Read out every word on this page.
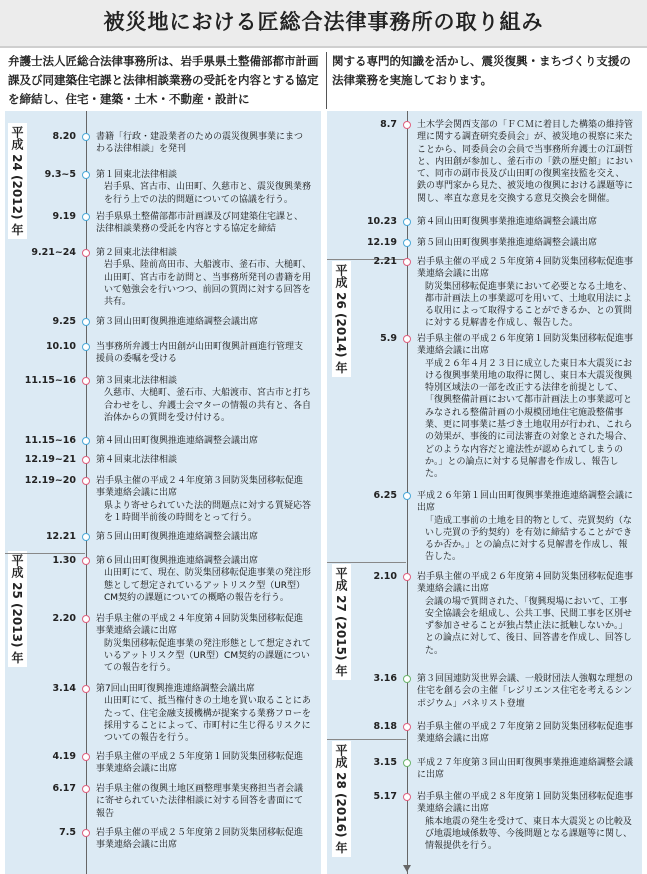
被災地における匠総合法律事務所の取り組み
弁護士法人匠総合法律事務所は、岩手県県土整備部都市計画課及び同建築住宅課と法律相談業務の受託を内容とする協定を締結し、住宅・建築・土木・不動産・設計に
関する専門的知識を活かし、震災復興・まちづくり支援の法律業務を実施しております。
平成 24 (2012) 年
平成 25 (2013) 年
8.20 書籍「行政・建設業者のための震災復興事業にまつわる法律相談」を発刊
9.3~5 第１回東北法律相談
岩手県、宮古市、山田町、久慈市と、震災復興業務を行う上での法的問題についての協議を行う。
9.19 岩手県県土整備部都市計画課及び同建築住宅課と、法律相談業務の受託を内容とする協定を締結
9.21~24 第２回東北法律相談
岩手県、陸前高田市、大船渡市、釜石市、大槌町、山田町、宮古市を訪問と、当事務所発刊の書籍を用いて勉強会を行いつつ、前回の質問に対する回答を共有。
9.25 第３回山田町復興推進連絡調整会議出席
10.10 当事務所弁護士内田創が山田町復興計画進行管理支援員の委嘱を受ける
11.15~16 第３回東北法律相談
久慈市、大槌町、釜石市、大船渡市、宮古市と打ち合わせをし、弁護士会マターの情報の共有と、各自治体からの質問を受け付ける。
11.15~16 第４回山田町復興推進連絡調整会議出席
12.19~21 第４回東北法律相談
12.19~20 岩手県主催の平成２４年度第３回防災集団移転促進事業連絡会議に出席
県より寄せられていた法的問題点に対する質疑応答を１時間半前後の時間をとって行う。
12.21 第５回山田町復興推進連絡調整会議出席
1.30 第６回山田町復興推進連絡調整会議出席
山田町にて、現在、防災集団移転促進事業の発注形態として想定されているアットリスク型（UR型）CM契約の課題についての概略の報告を行う。
2.20 岩手県主催の平成２４年度第４回防災集団移転促進事業連絡会議に出席
防災集団移転促進事業の発注形態として想定されているアットリスク型（UR型）CM契約の課題についての報告を行う。
3.14 第7回山田町復興推進連絡調整会議出席
山田町にて、抵当権付きの土地を買い取ることにあたって、住宅金融支援機構が提案する業務フローを採用することによって、市町村に生じ得るリスクについての報告を行う。
4.19 岩手県主催の平成２５年度第１回防災集団移転促進事業連絡会議に出席
6.17 岩手県主催の復興土地区画整理事業実務担当者会議に寄せられていた法律相談に対する回答を書面にて報告
7.5 岩手県主催の平成２５年度第２回防災集団移転促進事業連絡会議に出席
平成 26 (2014) 年
平成 27 (2015) 年
平成 28 (2016) 年
8.7 土木学会関西支部の「ＦＣＭに着目した構築の維持管理に関する調査研究委員会」が、被災地の視察に来たことから、同委員会の会員で当事務所弁護士の江副哲と、内田創が参加し、釜石市の「鉄の歴史館」において、同市の副市長及び山田町の復興室技監を交え、鉄の専門家から見た、被災地の復興における課題等に関し、率直な意見を交換する意見交換会を開催。
10.23 第４回山田町復興事業推進連絡調整会議出席
12.19 第５回山田町復興事業推進連絡調整会議出席
2.21 岩手県主催の平成２５年度第４回防災集団移転促進事業連絡会議に出席
防災集団移転促進事業において必要となる土地を、都市計画法上の事業認可を用いて、土地収用法による収用によって取得することができるか、との質問に対する見解書を作成し、報告した。
5.9 岩手県主催の平成２６年度第１回防災集団移転促進事業連絡会議に出席
平成２６年４月２３日に成立した東日本大震災における復興事業用地の取得に関し、東日本大震災復興特別区域法の一部を改正する法律を前提として、「復興整備計画において都市計画法上の事業認可とみなされる整備計画の小規模団地住宅施設整備事業、更に同事業に基づき土地収用が行われ、これらの効果が、事後的に司法審査の対象とされた場合、どのような内容だと違法性が認められてしまうのか。」との論点に対する見解書を作成し、報告した。
6.25 平成２６年第１回山田町復興事業推進連絡調整会議に出席
「造成工事前の土地を目的物として、売買契約（ないし売買の予約契約）を有効に締結することができるか否か。」との論点に対する見解書を作成し、報告した。
2.10 岩手県主催の平成２６年度第４回防災集団移転促進事業連絡会議に出席
会議の場で質問された、「復興現場において、工事安全協議会を組成し、公共工事、民間工事を区別せず参加させることが独占禁止法に抵触しないか。」との論点に対して、後日、回答書を作成し、回答した。
3.16 第３回国連防災世界会議、一般財団法人強靱な理想の住宅を創る会の主催「レジリエンス住宅を考えるシンポジウム」パネリスト登壇
8.18 岩手県主催の平成２７年度第２回防災集団移転促進事業連絡会議に出席
3.15 平成２７年度第３回山田町復興事業推進連絡調整会議に出席
5.17 岩手県主催の平成２８年度第１回防災集団移転促進事業連絡会議に出席
熊本地震の発生を受けて、東日本大震災との比較及び地震地域係数等、今後問題となる課題等に関し、情報提供を行う。
